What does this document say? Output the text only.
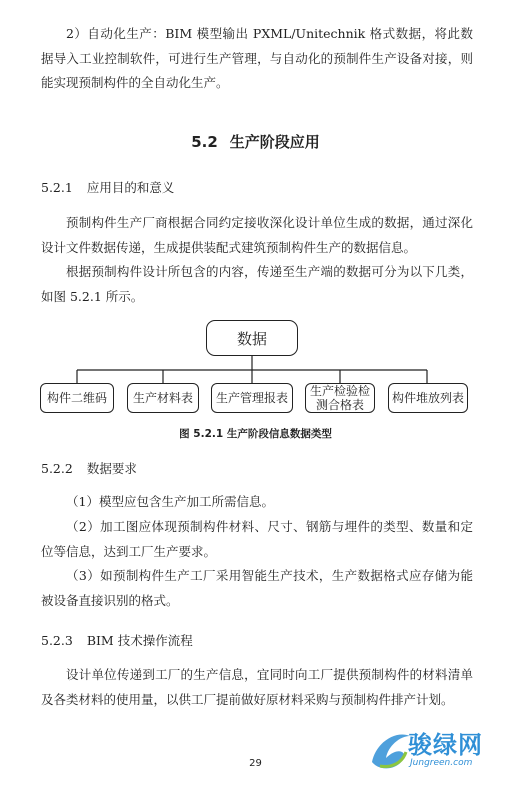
2）自动化生产：BIM 模型输出 PXML/Unitechnik 格式数据，将此数据导入工业控制软件，可进行生产管理，与自动化的预制件生产设备对接，则能实现预制构件的全自动化生产。
5.2 生产阶段应用
5.2.1 应用目的和意义
预制构件生产厂商根据合同约定接收深化设计单位生成的数据，通过深化设计文件数据传递，生成提供装配式建筑预制构件生产的数据信息。
根据预制构件设计所包含的内容，传递至生产端的数据可分为以下几类，如图 5.2.1 所示。
数据
构件二维码	生产材料表	生产管理报表	生产检验检
测合格表	构件堆放列表
图 5.2.1 生产阶段信息数据类型
5.2.2 数据要求
（1）模型应包含生产加工所需信息。
（2）加工图应体现预制构件材料、尺寸、钢筋与埋件的类型、数量和定位等信息，达到工厂生产要求。
（3）如预制构件生产工厂采用智能生产技术，生产数据格式应存储为能被设备直接识别的格式。
5.2.3 BIM 技术操作流程
设计单位传递到工厂的生产信息，宜同时向工厂提供预制构件的材料清单及各类材料的使用量，以供工厂提前做好原材料采购与预制构件排产计划。
29
骏绿网
Jungreen.com
